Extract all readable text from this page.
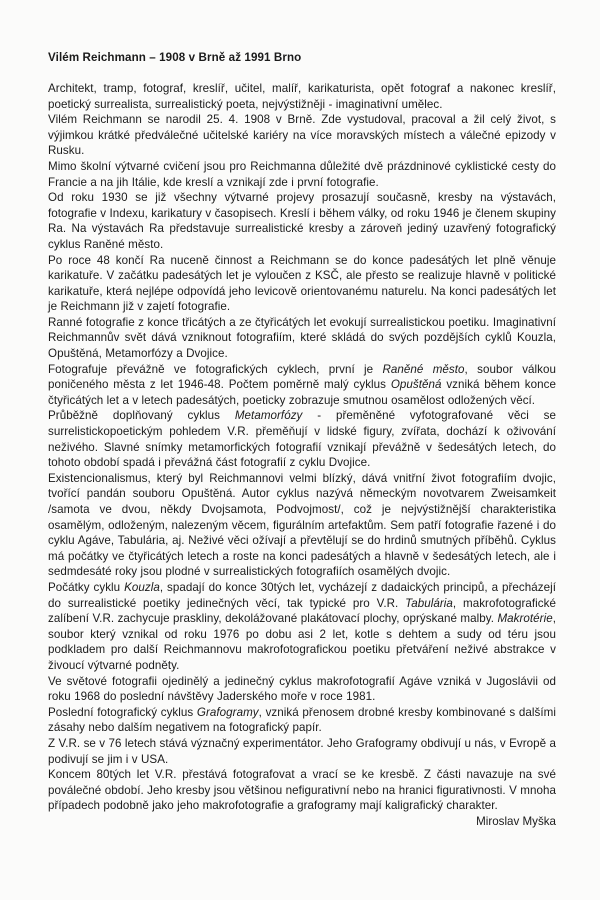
Vilém Reichmann – 1908 v Brně až 1991 Brno

Architekt, tramp, fotograf, kreslíř, učitel, malíř, karikaturista, opět fotograf a nakonec kreslíř, poetický surrealista, surrealistický poeta, nejvýstižněji - imaginativní umělec.

Vilém Reichmann se narodil 25. 4. 1908 v Brně. Zde vystudoval, pracoval a žil celý život, s výjimkou krátké předválečné učitelské kariéry na více moravských místech a válečné epizody v Rusku.

Mimo školní výtvarné cvičení jsou pro Reichmanna důležité dvě prázdninové cyklistické cesty do Francie a na jih Itálie, kde kreslí a vznikají zde i první fotografie.

Od roku 1930 se již všechny výtvarné projevy prosazují současně, kresby na výstavách, fotografie v Indexu, karikatury v časopisech. Kreslí i během války, od roku 1946 je členem skupiny Ra. Na výstavách Ra představuje surrealistické kresby a zároveň jediný uzavřený fotografický cyklus Raněné město.

Po roce 48 končí Ra nuceně činnost a Reichmann se do konce padesátých let plně věnuje karikatuře. V začátku padesátých let je vyloučen z KSČ, ale přesto se realizuje hlavně v politické karikatuře, která nejlépe odpovídá jeho levicově orientovanému naturelu. Na konci padesátých let je Reichmann již v zajetí fotografie.

Ranné fotografie z konce třicátých a ze čtyřicátých let evokují surrealistickou poetiku. Imaginativní Reichmannův svět dává vzniknout fotografiím, které skládá do svých pozdějších cyklů Kouzla, Opuštěná, Metamorfózy a Dvojice.

Fotografuje převážně ve fotografických cyklech, první je Raněné město, soubor válkou poničeného města z let 1946-48. Počtem poměrně malý cyklus Opuštěná vzniká během konce čtyřicátých let a v letech padesátých, poeticky zobrazuje smutnou osamělost odložených věcí.

Průběžně doplňovaný cyklus Metamorfózy - přeměněné vyfotografované věci se surrelistickopoetickým pohledem V.R. přeměňují v lidské figury, zvířata, dochází k oživování neživého. Slavné snímky metamorfických fotografií vznikají převážně v šedesátých letech, do tohoto období spadá i převážná část fotografií z cyklu Dvojice.

Existencionalismus, který byl Reichmannovi velmi blízký, dává vnitřní život fotografiím dvojic, tvořící pandán souboru Opuštěná. Autor cyklus nazývá německým novotvarem Zweisamkeit /samota ve dvou, někdy Dvojsamota, Podvojmost/, což je nejvýstižnější charakteristika osamělým, odloženým, nalezeným věcem, figurálním artefaktům. Sem patří fotografie řazené i do cyklu Agáve, Tabulária, aj. Neživé věci ožívají a převtělují se do hrdinů smutných příběhů. Cyklus má počátky ve čtyřicátých letech a roste na konci padesátých a hlavně v šedesátých letech, ale i sedmdesáté roky jsou plodné v surrealistických fotografiích osamělých dvojic.

Počátky cyklu Kouzla, spadají do konce 30tých let, vycházejí z dadaických principů, a přecházejí do surrealistické poetiky jedinečných věcí, tak typické pro V.R. Tabulária, makrofotografické zalíbení V.R. zachycuje praskliny, dekolážované plakátovací plochy, oprýskané malby. Makrotérie, soubor který vznikal od roku 1976 po dobu asi 2 let, kotle s dehtem a sudy od téru jsou podkladem pro další Reichmannovu makrofotografickou poetiku přetváření neživé abstrakce v živoucí výtvarné podněty.

Ve světové fotografii ojedinělý a jedinečný cyklus makrofotografií Agáve vzniká v Jugoslávii od roku 1968 do poslední návštěvy Jaderského moře v roce 1981.

Poslední fotografický cyklus Grafogramy, vzniká přenosem drobné kresby kombinované s dalšími zásahy nebo dalším negativem na fotografický papír.

Z V.R. se v 76 letech stává význačný experimentátor. Jeho Grafogramy obdivují u nás, v Evropě a podivují se jim i v USA.

Koncem 80tých let V.R. přestává fotografovat a vrací se ke kresbě. Z části navazuje na své poválečné období. Jeho kresby jsou většinou nefigurativní nebo na hranici figurativnosti. V mnoha případech podobně jako jeho makrofotografie a grafogramy mají kaligrafický charakter.

Miroslav Myška
